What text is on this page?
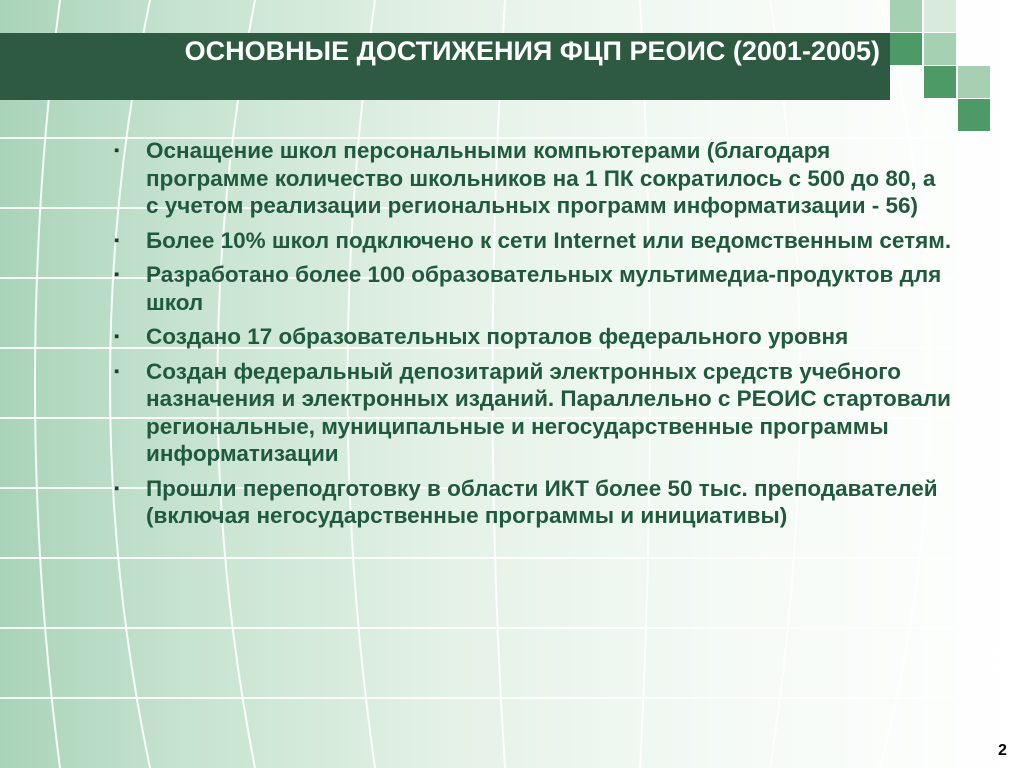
ОСНОВНЫЕ ДОСТИЖЕНИЯ ФЦП РЕОИС (2001-2005)
▪ Оснащение школ персональными компьютерами (благодаря программе количество школьников на 1 ПК сократилось с 500 до 80, а с учетом реализации региональных программ информатизации - 56)
▪ Более 10% школ подключено к сети Internet или ведомственным сетям.
▪ Разработано более 100 образовательных мультимедиа-продуктов для школ
▪ Создано 17 образовательных порталов федерального уровня
▪ Создан федеральный депозитарий электронных средств учебного назначения и электронных изданий. Параллельно с РЕОИС стартовали региональные, муниципальные и негосударственные программы информатизации
▪ Прошли переподготовку в области ИКТ более 50 тыс. преподавателей (включая негосударственные программы и инициативы)
2
